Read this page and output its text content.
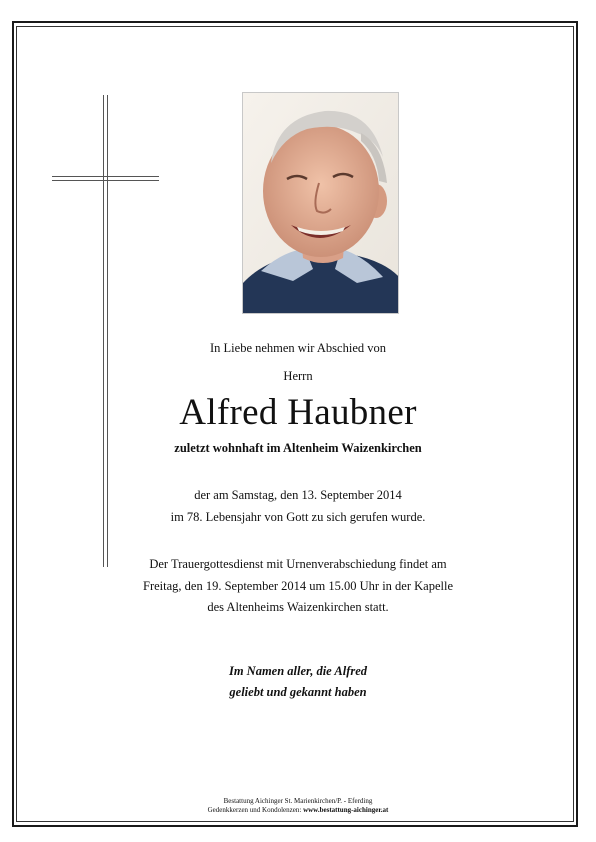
In Liebe nehmen wir Abschied von
Herrn
Alfred Haubner
zuletzt wohnhaft im Altenheim Waizenkirchen
der am Samstag, den 13. September 2014
im 78. Lebensjahr von Gott zu sich gerufen wurde.
Der Trauergottesdienst mit Urnenverabschiedung findet am
Freitag, den 19. September 2014 um 15.00 Uhr in der Kapelle
des Altenheims Waizenkirchen statt.
Im Namen aller, die Alfred
geliebt und gekannt haben
Bestattung Aichinger St. Marienkirchen/P. - Eferding
Gedenkkerzen und Kondolenzen: www.bestattung-aichinger.at
